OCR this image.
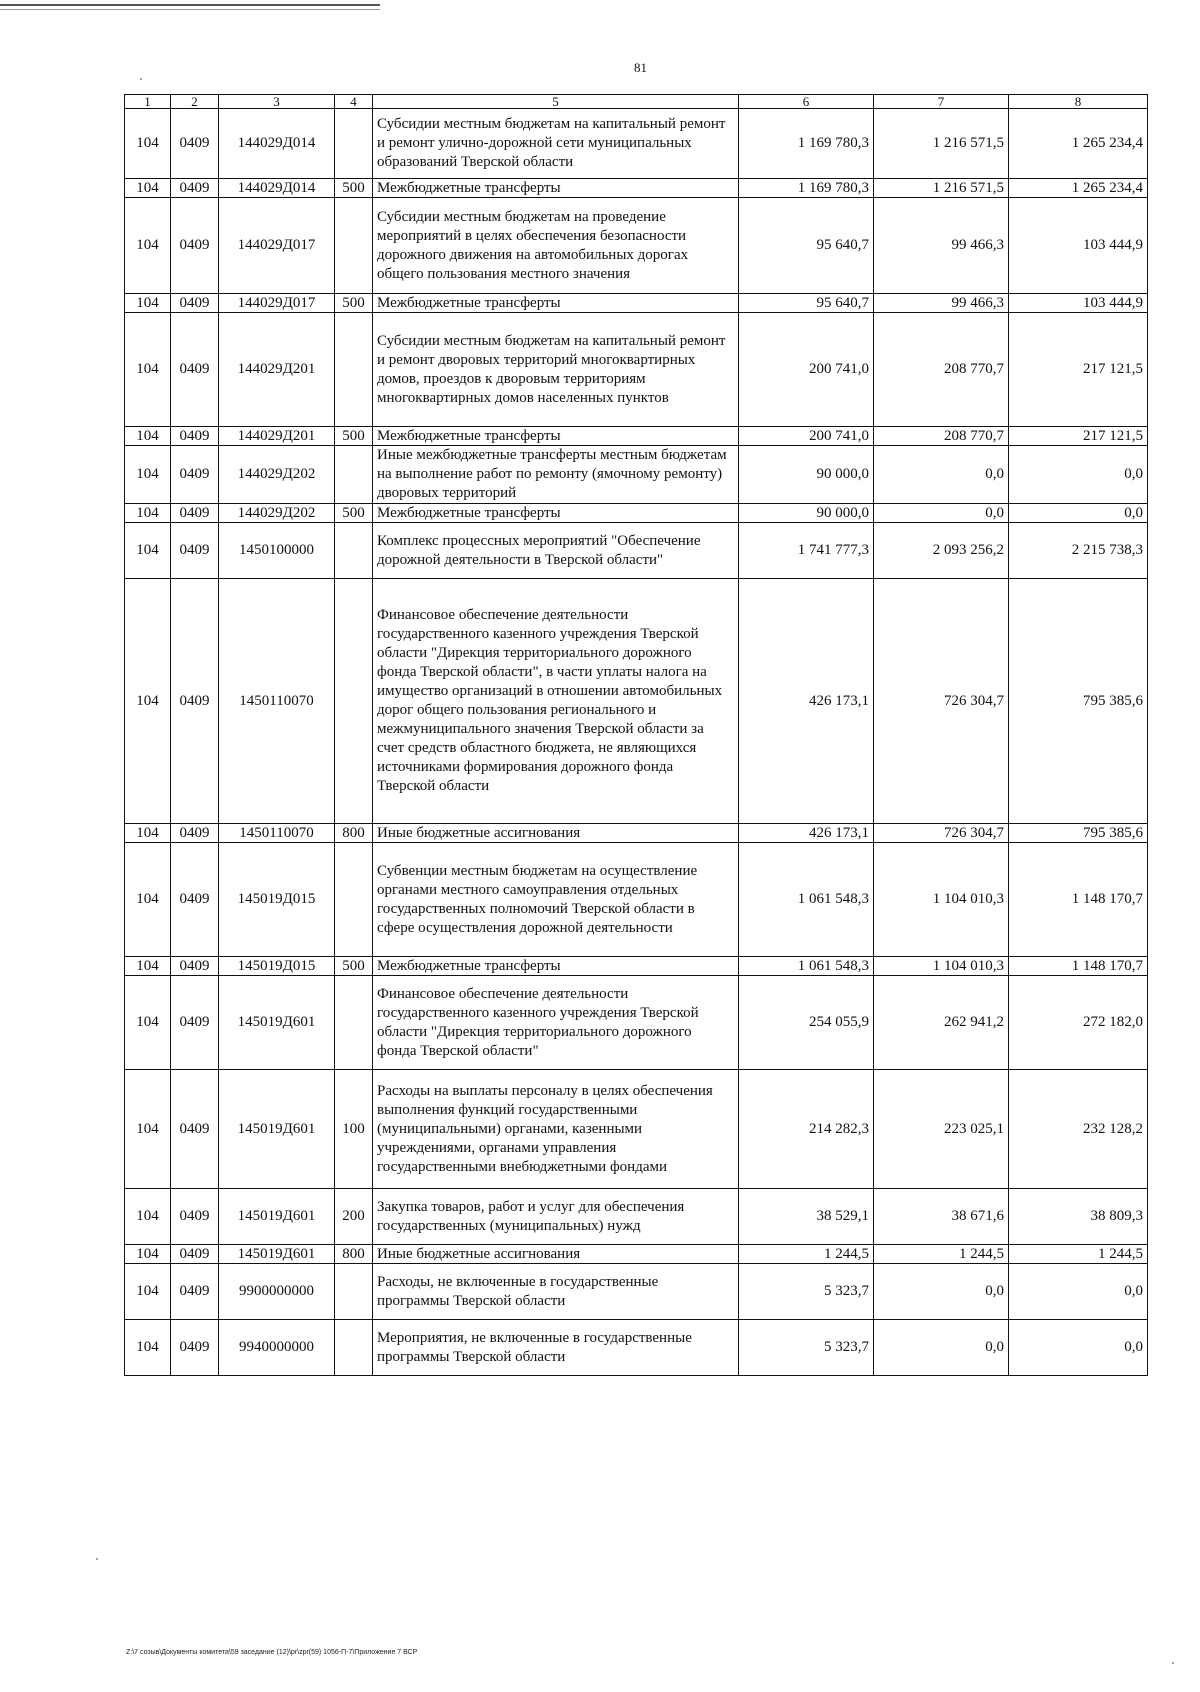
81
1	2	3	4	5	6	7	8
104	0409	144029Д014		Субсидии местным бюджетам на капитальный ремонт и ремонт улично-дорожной сети муниципальных образований Тверской области	1 169 780,3	1 216 571,5	1 265 234,4
104	0409	144029Д014	500	Межбюджетные трансферты	1 169 780,3	1 216 571,5	1 265 234,4
104	0409	144029Д017		Субсидии местным бюджетам на проведение мероприятий в целях обеспечения безопасности дорожного движения на автомобильных дорогах общего пользования местного значения	95 640,7	99 466,3	103 444,9
104	0409	144029Д017	500	Межбюджетные трансферты	95 640,7	99 466,3	103 444,9
104	0409	144029Д201		Субсидии местным бюджетам на капитальный ремонт и ремонт дворовых территорий многоквартирных домов, проездов к дворовым территориям многоквартирных домов населенных пунктов	200 741,0	208 770,7	217 121,5
104	0409	144029Д201	500	Межбюджетные трансферты	200 741,0	208 770,7	217 121,5
104	0409	144029Д202		Иные межбюджетные трансферты местным бюджетам на выполнение работ по ремонту (ямочному ремонту) дворовых территорий	90 000,0	0,0	0,0
104	0409	144029Д202	500	Межбюджетные трансферты	90 000,0	0,0	0,0
104	0409	1450100000		Комплекс процессных мероприятий "Обеспечение дорожной деятельности в Тверской области"	1 741 777,3	2 093 256,2	2 215 738,3
104	0409	1450110070		Финансовое обеспечение деятельности государственного казенного учреждения Тверской области "Дирекция территориального дорожного фонда Тверской области", в части уплаты налога на имущество организаций в отношении автомобильных дорог общего пользования регионального и межмуниципального значения Тверской области за счет средств областного бюджета, не являющихся источниками формирования дорожного фонда Тверской области	426 173,1	726 304,7	795 385,6
104	0409	1450110070	800	Иные бюджетные ассигнования	426 173,1	726 304,7	795 385,6
104	0409	145019Д015		Субвенции местным бюджетам на осуществление органами местного самоуправления отдельных государственных полномочий Тверской области в сфере осуществления дорожной деятельности	1 061 548,3	1 104 010,3	1 148 170,7
104	0409	145019Д015	500	Межбюджетные трансферты	1 061 548,3	1 104 010,3	1 148 170,7
104	0409	145019Д601		Финансовое обеспечение деятельности государственного казенного учреждения Тверской области "Дирекция территориального дорожного фонда Тверской области"	254 055,9	262 941,2	272 182,0
104	0409	145019Д601	100	Расходы на выплаты персоналу в целях обеспечения выполнения функций государственными (муниципальными) органами, казенными учреждениями, органами управления государственными внебюджетными фондами	214 282,3	223 025,1	232 128,2
104	0409	145019Д601	200	Закупка товаров, работ и услуг для обеспечения государственных (муниципальных) нужд	38 529,1	38 671,6	38 809,3
104	0409	145019Д601	800	Иные бюджетные ассигнования	1 244,5	1 244,5	1 244,5
104	0409	9900000000		Расходы, не включенные в государственные программы Тверской области	5 323,7	0,0	0,0
104	0409	9940000000		Мероприятия, не включенные в государственные программы Тверской области	5 323,7	0,0	0,0
Z:\7 созыв\Документы комитета\59 заседание (12)\pr\zpr(59) 1056-П-7\Приложение 7 ВСР
